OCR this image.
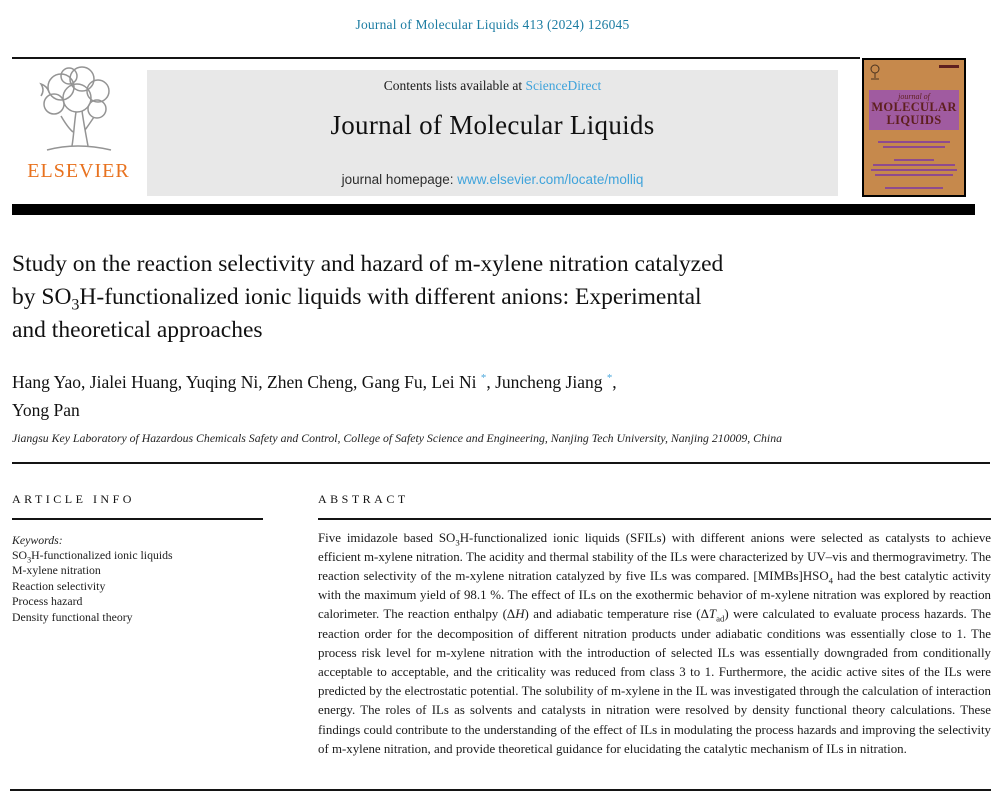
Journal of Molecular Liquids 413 (2024) 126045
ELSEVIER
Contents lists available at ScienceDirect
Journal of Molecular Liquids
journal homepage: www.elsevier.com/locate/molliq
journal of
MOLECULAR
LIQUIDS
Study on the reaction selectivity and hazard of m-xylene nitration catalyzed
by $SO_3H$-functionalized ionic liquids with different anions: Experimental
and theoretical approaches
Hang Yao, Jialei Huang, Yuqing Ni, Zhen Cheng, Gang Fu, Lei Ni *, Juncheng Jiang *,
Yong Pan
Jiangsu Key Laboratory of Hazardous Chemicals Safety and Control, College of Safety Science and Engineering, Nanjing Tech University, Nanjing 210009, China
ARTICLE INFO
Keywords:
$SO_3H$-functionalized ionic liquids
M-xylene nitration
Reaction selectivity
Process hazard
Density functional theory
ABSTRACT
Five imidazole based $SO_3H$-functionalized ionic liquids (SFILs) with different anions were selected as catalysts to achieve efficient m-xylene nitration. The acidity and thermal stability of the ILs were characterized by UV–vis and thermogravimetry. The reaction selectivity of the m-xylene nitration catalyzed by five ILs was compared. $[MIMBs]HSO_4$ had the best catalytic activity with the maximum yield of 98.1 %. The effect of ILs on the exothermic behavior of m-xylene nitration was explored by reaction calorimeter. The reaction enthalpy (ΔH) and adiabatic temperature rise $(\Delta T_{ad})$ were calculated to evaluate process hazards. The reaction order for the decomposition of different nitration products under adiabatic conditions was essentially close to 1. The process risk level for m-xylene nitration with the introduction of selected ILs was essentially downgraded from conditionally acceptable to acceptable, and the criticality was reduced from class 3 to 1. Furthermore, the acidic active sites of the ILs were predicted by the electrostatic potential. The solubility of m-xylene in the IL was investigated through the calculation of interaction energy. The roles of ILs as solvents and catalysts in nitration were resolved by density functional theory calculations. These findings could contribute to the understanding of the effect of ILs in modulating the process hazards and improving the selectivity of m-xylene nitration, and provide theoretical guidance for elucidating the catalytic mechanism of ILs in nitration.
